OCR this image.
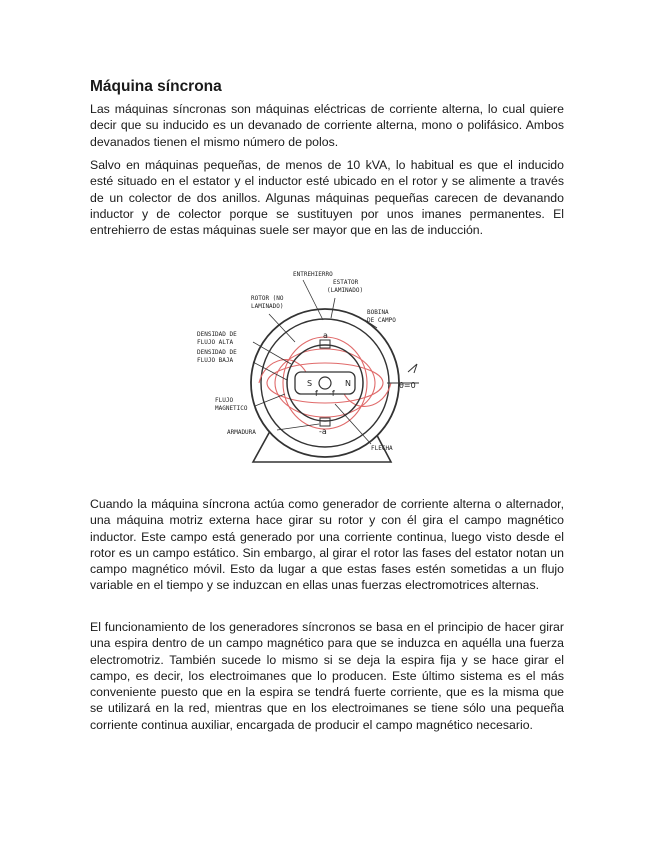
Máquina síncrona

Las máquinas síncronas son máquinas eléctricas de corriente alterna, lo cual quiere decir que su inducido es un devanado de corriente alterna, mono o polifásico. Ambos devanados tienen el mismo número de polos.

Salvo en máquinas pequeñas, de menos de 10 kVA, lo habitual es que el inducido esté situado en el estator y el inductor esté ubicado en el rotor y se alimente a través de un colector de dos anillos. Algunas máquinas pequeñas carecen de devanando inductor y de colector porque se sustituyen por unos imanes permanentes. El entrehierro de estas máquinas suele ser mayor que en las de inducción.

ENTREHIERRO
ESTATOR
(LAMINADO)
ROTOR (NO
LAMINADO)
BOBINA
DE CAMPO
DENSIDAD DE
FLUJO ALTA
DENSIDAD DE
FLUJO BAJA
FLUJO
MAGNETICO
ARMADURA
FLECHA
θ=0
S	N
a
-a
f -f

Cuando la máquina síncrona actúa como generador de corriente alterna o alternador, una máquina motriz externa hace girar su rotor y con él gira el campo magnético inductor. Este campo está generado por una corriente continua, luego visto desde el rotor es un campo estático. Sin embargo, al girar el rotor las fases del estator notan un campo magnético móvil. Esto da lugar a que estas fases estén sometidas a un flujo variable en el tiempo y se induzcan en ellas unas fuerzas electromotrices alternas.

El funcionamiento de los generadores síncronos se basa en el principio de hacer girar una espira dentro de un campo magnético para que se induzca en aquélla una fuerza electromotriz. También sucede lo mismo si se deja la espira fija y se hace girar el campo, es decir, los electroimanes que lo producen. Este último sistema es el más conveniente puesto que en la espira se tendrá fuerte corriente, que es la misma que se utilizará en la red, mientras que en los electroimanes se tiene sólo una pequeña corriente continua auxiliar, encargada de producir el campo magnético necesario.
